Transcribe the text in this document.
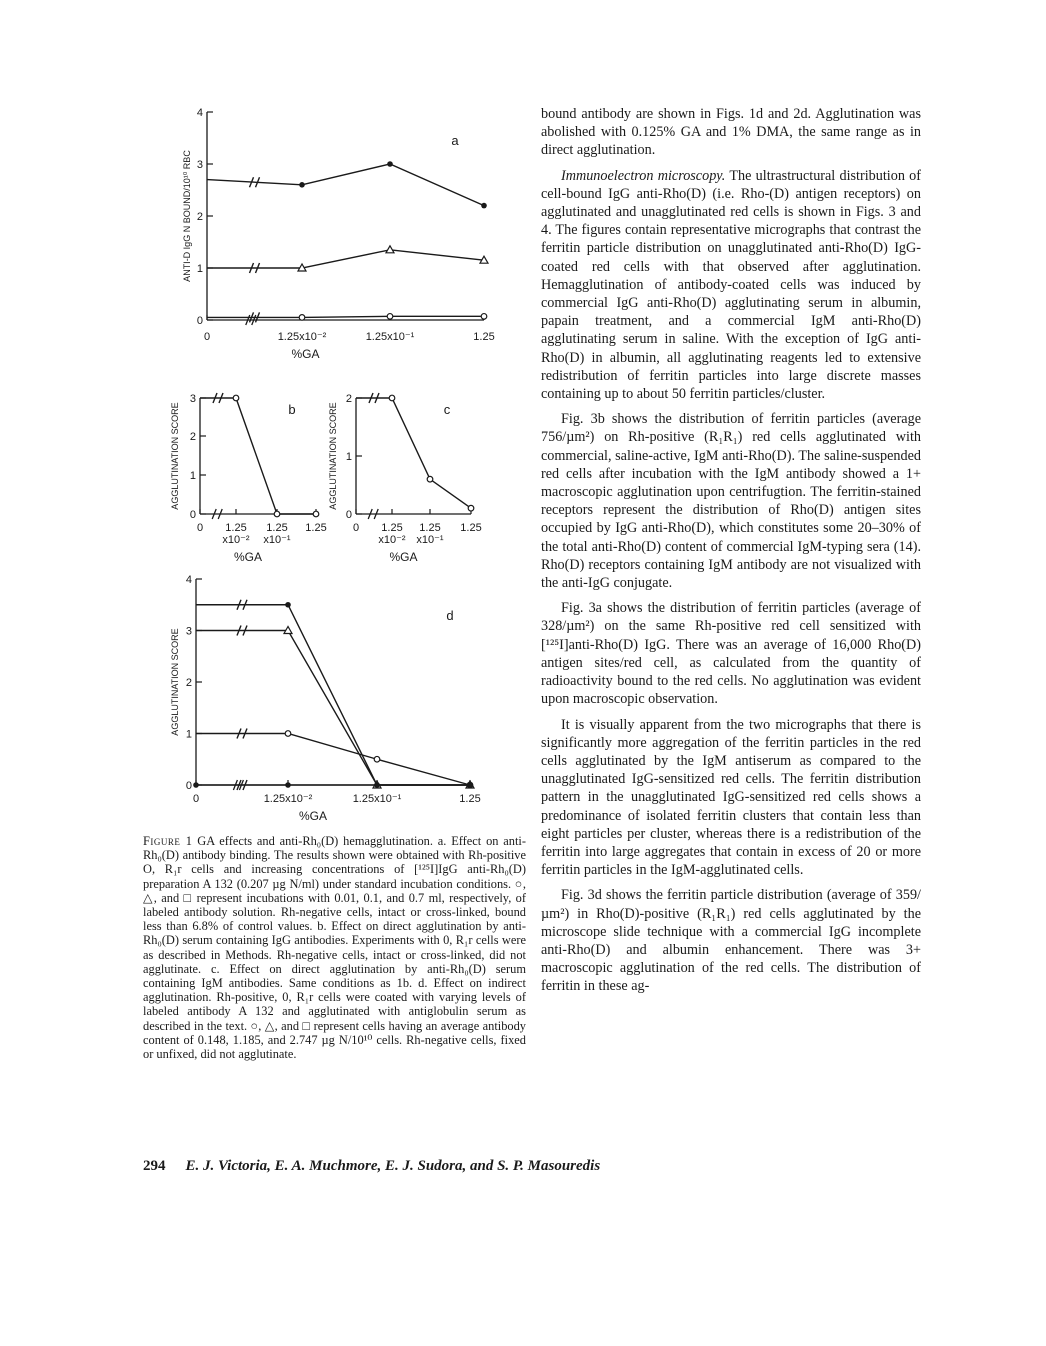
0
1
2
3
4
0	1.25x10⁻²	1.25x10⁻¹	1.25
%GA
ANTI-D IgG N BOUND/10¹⁰ RBC
a
0
1
2
3
0 1.25
x10⁻²
1.25
x10⁻¹
1.25
%GA
AGGLUTINATION SCORE	b
0
1
2
0 1.25
x10⁻²
1.25
x10⁻¹
1.25
%GA
AGGLUTINATION SCORE	c
0
1
2
3
4
0	1.25x10⁻²	1.25x10⁻¹	1.25
%GA
AGGLUTINATION SCORE
d
Figure 1 GA effects and anti-Rh₀(D) hemagglutination. a. Effect on anti-Rh₀(D) antibody binding. The results shown were obtained with Rh-positive O, R₁r cells and increasing concentrations of [¹²⁵I]IgG anti-Rh₀(D) preparation A 132 (0.207 µg N/ml) under standard incubation conditions. ○, △, and □ represent incubations with 0.01, 0.1, and 0.7 ml, respectively, of labeled antibody solution. Rh-negative cells, intact or cross-linked, bound less than 6.8% of control values. b. Effect on direct agglutination by anti-Rh₀(D) serum containing IgG antibodies. Experiments with 0, R₁r cells were as described in Methods. Rh-negative cells, intact or cross-linked, did not agglutinate. c. Effect on direct agglutination by anti-Rh₀(D) serum containing IgM antibodies. Same conditions as 1b. d. Effect on indirect agglutination. Rh-positive, 0, R₁r cells were coated with varying levels of labeled antibody A 132 and agglutinated with antiglobulin serum as described in the text. ○, △, and □ represent cells having an average antibody content of 0.148, 1.185, and 2.747 µg N/10¹⁰ cells. Rh-negative cells, fixed or unfixed, did not agglutinate.

bound antibody are shown in Figs. 1d and 2d. Agglutination was abolished with 0.125% GA and 1% DMA, the same range as in direct agglutination.

Immunoelectron microscopy. The ultrastructural distribution of cell-bound IgG anti-Rho(D) (i.e. Rho-(D) antigen receptors) on agglutinated and unagglutinated red cells is shown in Figs. 3 and 4. The figures contain representative micrographs that contrast the ferritin particle distribution on unagglutinated anti-Rho(D) IgG-coated red cells with that observed after agglutination. Hemagglutination of antibody-coated cells was induced by commercial IgG anti-Rho(D) agglutinating serum in albumin, papain treatment, and a commercial IgM anti-Rho(D) agglutinating serum in saline. With the exception of IgG anti-Rho(D) in albumin, all agglutinating reagents led to extensive redistribution of ferritin particles into large discrete masses containing up to about 50 ferritin particles/cluster.

Fig. 3b shows the distribution of ferritin particles (average 756/µm²) on Rh-positive (R₁R₁) red cells agglutinated with commercial, saline-active, IgM anti-Rho(D). The saline-suspended red cells after incubation with the IgM antibody showed a 1+ macroscopic agglutination upon centrifugtion. The ferritin-stained receptors represent the distribution of Rho(D) antigen sites occupied by IgG anti-Rho(D), which constitutes some 20–30% of the total anti-Rho(D) content of commercial IgM-typing sera (14). Rho(D) receptors containing IgM antibody are not visualized with the anti-IgG conjugate.

Fig. 3a shows the distribution of ferritin particles (average of 328/µm²) on the same Rh-positive red cell sensitized with [¹²⁵I]anti-Rho(D) IgG. There was an average of 16,000 Rho(D) antigen sites/red cell, as calculated from the quantity of radioactivity bound to the red cells. No agglutination was evident upon macroscopic observation.

It is visually apparent from the two micrographs that there is significantly more aggregation of the ferritin particles in the red cells agglutinated by the IgM antiserum as compared to the unagglutinated IgG-sensitized red cells. The ferritin distribution pattern in the unagglutinated IgG-sensitized red cells shows a predominance of isolated ferritin clusters that contain less than eight particles per cluster, whereas there is a redistribution of the ferritin into large aggregates that contain in excess of 20 or more ferritin particles in the IgM-agglutinated cells.

Fig. 3d shows the ferritin particle distribution (average of 359/µm²) in Rho(D)-positive (R₁R₁) red cells agglutinated by the microscope slide technique with a commercial IgG incomplete anti-Rho(D) and albumin enhancement. There was 3+ macroscopic agglutination of the red cells. The distribution of ferritin in these ag-

294 E. J. Victoria, E. A. Muchmore, E. J. Sudora, and S. P. Masouredis
